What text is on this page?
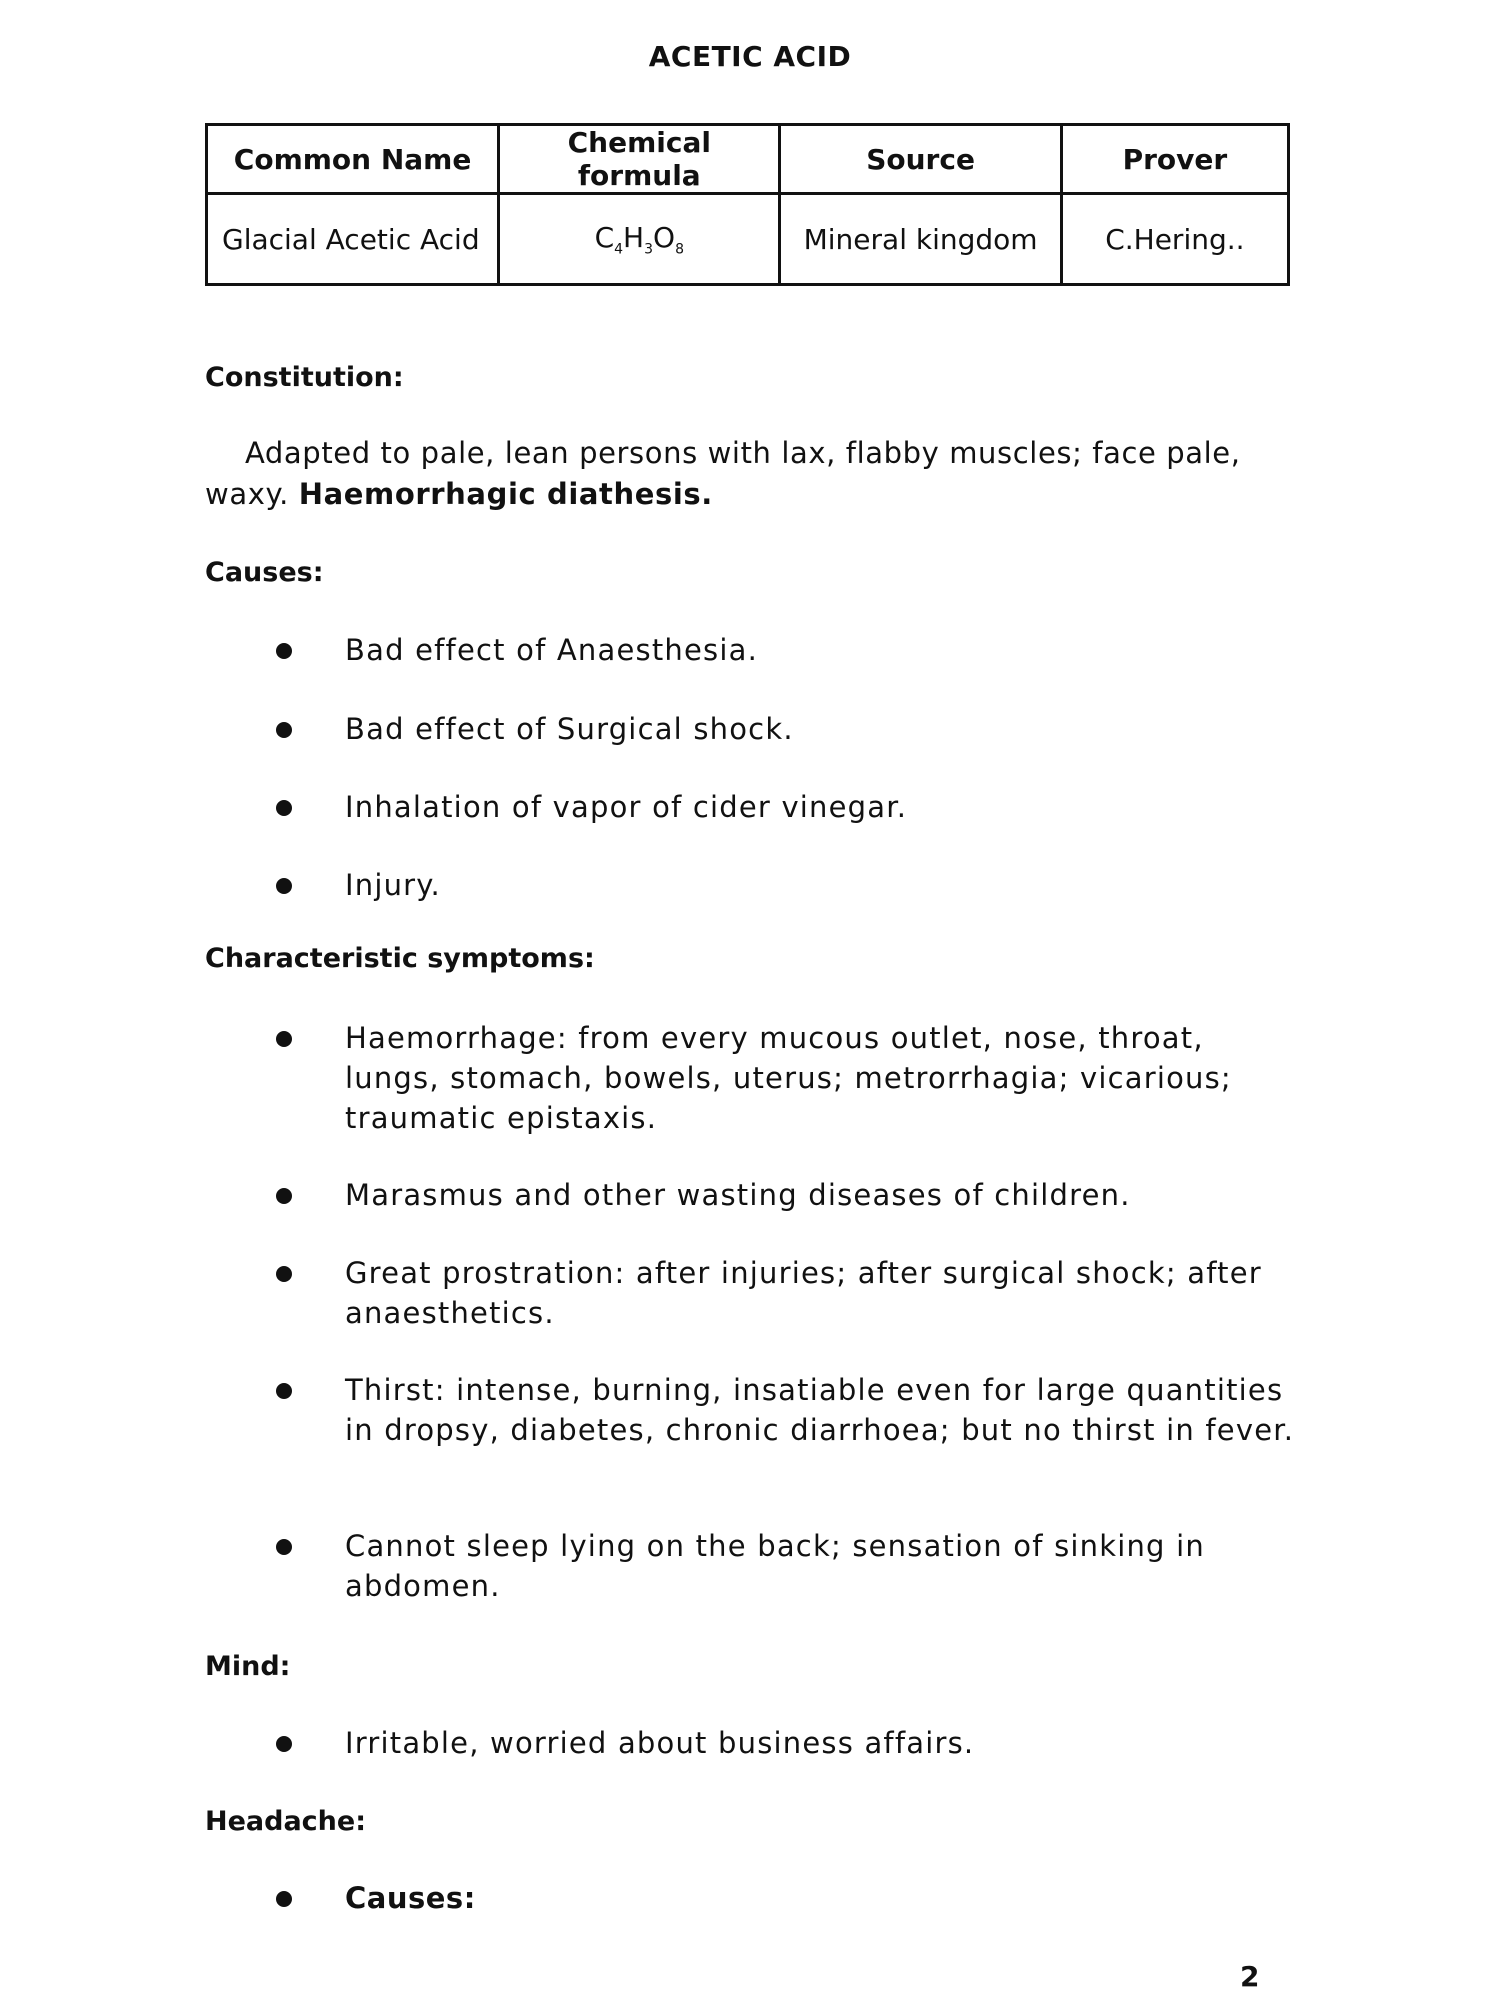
ACETIC ACID
Common Name	Chemical formula	Source	Prover
Glacial Acetic Acid	$C_4H_3O_8$	Mineral kingdom	C.Hering..
Constitution:
Adapted to pale, lean persons with lax, flabby muscles; face pale, waxy. Haemorrhagic diathesis.
Causes:
Bad effect of Anaesthesia.
Bad effect of Surgical shock.
Inhalation of vapor of cider vinegar.
Injury.
Characteristic symptoms:
Haemorrhage: from every mucous outlet, nose, throat, lungs, stomach, bowels, uterus; metrorrhagia; vicarious; traumatic epistaxis.
Marasmus and other wasting diseases of children.
Great prostration: after injuries; after surgical shock; after anaesthetics.
Thirst: intense, burning, insatiable even for large quantities in dropsy, diabetes, chronic diarrhoea; but no thirst in fever.
Cannot sleep lying on the back; sensation of sinking in abdomen.
Mind:
Irritable, worried about business affairs.
Headache:
Causes:
2
